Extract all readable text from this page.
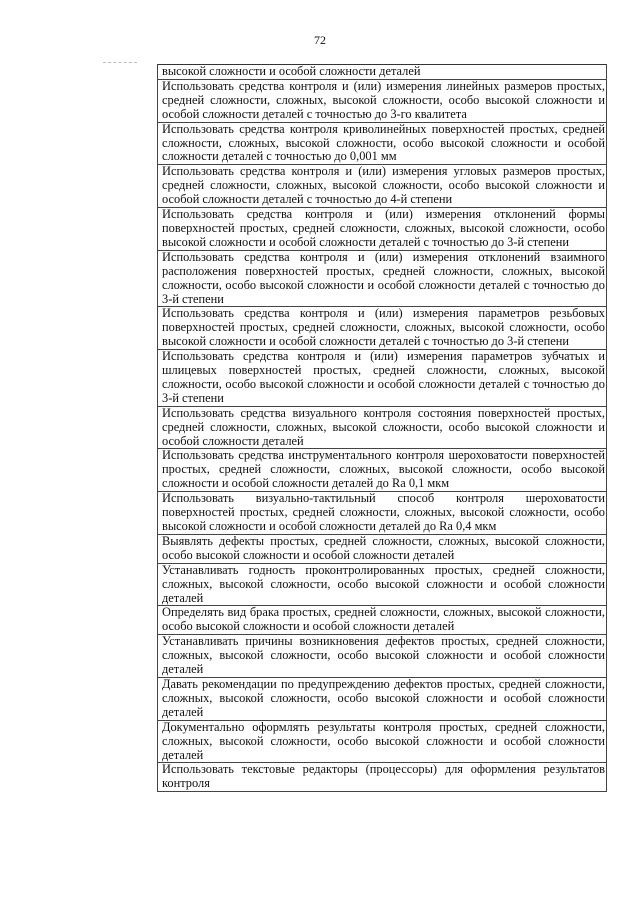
72
высокой сложности и особой сложности деталей
Использовать средства контроля и (или) измерения линейных размеров простых, средней сложности, сложных, высокой сложности, особо высокой сложности и особой сложности деталей с точностью до 3-го квалитета
Использовать средства контроля криволинейных поверхностей простых, средней сложности, сложных, высокой сложности, особо высокой сложности и особой сложности деталей с точностью до 0,001 мм
Использовать средства контроля и (или) измерения угловых размеров простых, средней сложности, сложных, высокой сложности, особо высокой сложности и особой сложности деталей с точностью до 4-й степени
Использовать средства контроля и (или) измерения отклонений формы поверхностей простых, средней сложности, сложных, высокой сложности, особо высокой сложности и особой сложности деталей с точностью до 3-й степени
Использовать средства контроля и (или) измерения отклонений взаимного расположения поверхностей простых, средней сложности, сложных, высокой сложности, особо высокой сложности и особой сложности деталей с точностью до 3-й степени
Использовать средства контроля и (или) измерения параметров резьбовых поверхностей простых, средней сложности, сложных, высокой сложности, особо высокой сложности и особой сложности деталей с точностью до 3-й степени
Использовать средства контроля и (или) измерения параметров зубчатых и шлицевых поверхностей простых, средней сложности, сложных, высокой сложности, особо высокой сложности и особой сложности деталей с точностью до 3-й степени
Использовать средства визуального контроля состояния поверхностей простых, средней сложности, сложных, высокой сложности, особо высокой сложности и особой сложности деталей
Использовать средства инструментального контроля шероховатости поверхностей простых, средней сложности, сложных, высокой сложности, особо высокой сложности и особой сложности деталей до Ra 0,1 мкм
Использовать визуально-тактильный способ контроля шероховатости поверхностей простых, средней сложности, сложных, высокой сложности, особо высокой сложности и особой сложности деталей до Ra 0,4 мкм
Выявлять дефекты простых, средней сложности, сложных, высокой сложности, особо высокой сложности и особой сложности деталей
Устанавливать годность проконтролированных простых, средней сложности, сложных, высокой сложности, особо высокой сложности и особой сложности деталей
Определять вид брака простых, средней сложности, сложных, высокой сложности, особо высокой сложности и особой сложности деталей
Устанавливать причины возникновения дефектов простых, средней сложности, сложных, высокой сложности, особо высокой сложности и особой сложности деталей
Давать рекомендации по предупреждению дефектов простых, средней сложности, сложных, высокой сложности, особо высокой сложности и особой сложности деталей
Документально оформлять результаты контроля простых, средней сложности, сложных, высокой сложности, особо высокой сложности и особой сложности деталей
Использовать текстовые редакторы (процессоры) для оформления результатов контроля
